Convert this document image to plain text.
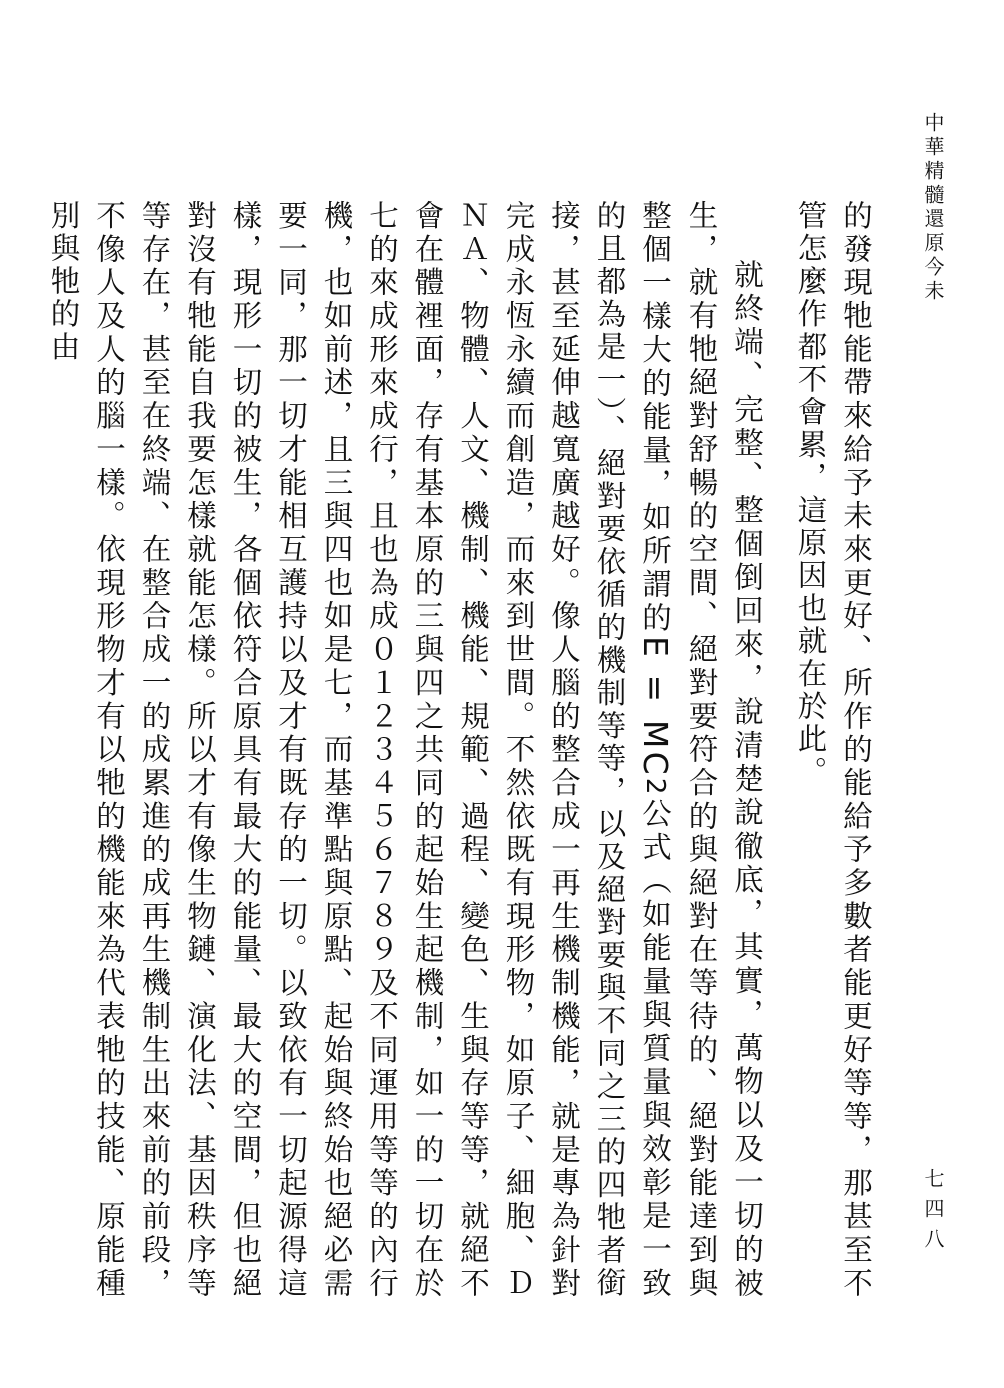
中華精髓還原今未
七四八

的發現牠能帶來給予未來更好、所作的能給予多數者能更好等等，那甚至不管怎麼作都不會累，這原因也就在於此。

就終端、完整、整個倒回來，說清楚說徹底，其實，萬物以及一切的被生，就有牠絕對舒暢的空間、絕對要符合的與絕對在等待的、絕對能達到與整個一樣大的能量，如所謂的E = MC2公式（如能量與質量與效彰是一致的且都為是一）、絕對要依循的機制等等，以及絕對要與不同之三的四牠者銜接，甚至延伸越寬廣越好。像人腦的整合成一再生機制機能，就是專為針對完成永恆永續而創造，而來到世間。不然依既有現形物，如原子、細胞、ＤＮＡ、物體、人文、機制、機能、規範、過程、變色、生與存等等，就絕不會在體裡面，存有基本原的三與四之共同的起始生起機制，如一的一切在於七的來成形來成行，且也為成０１２３４５６７８９及不同運用等等的內行機，也如前述，且三與四也如是七，而基準點與原點、起始與終始也絕必需要一同，那一切才能相互護持以及才有既存的一切。以致依有一切起源得這樣，現形一切的被生，各個依符合原具有最大的能量、最大的空間，但也絕對沒有牠能自我要怎樣就能怎樣。所以才有像生物鏈、演化法、基因秩序等等存在，甚至在終端、在整合成一的成累進的成再生機制生出來前的前段，不像人及人的腦一樣。依現形物才有以牠的機能來為代表牠的技能、原能種別與牠的由
